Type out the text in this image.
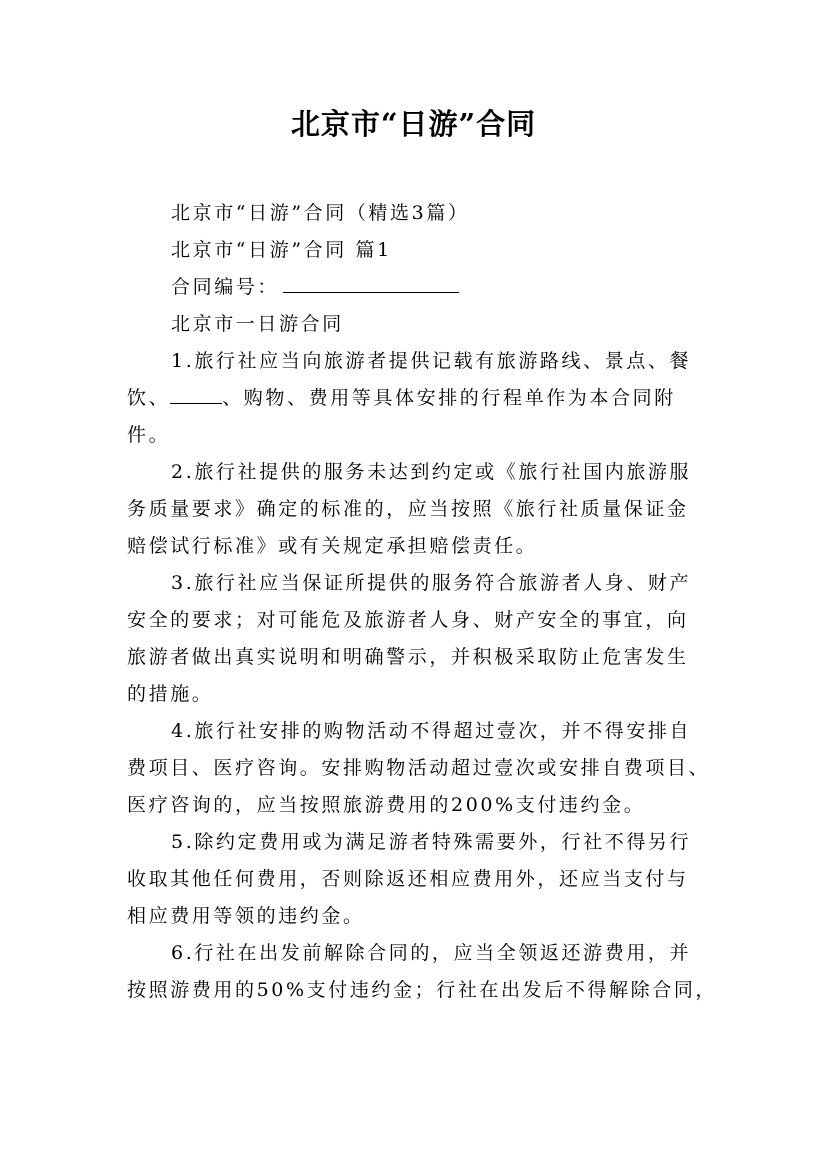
北京市“日游”合同
北京市“日游”合同（精选3篇）
北京市“日游”合同 篇1
合同编号：
北京市一日游合同
1.旅行社应当向旅游者提供记载有旅游路线、景点、餐
饮、	、购物、费用等具体安排的行程单作为本合同附
件。
2.旅行社提供的服务未达到约定或《旅行社国内旅游服
务质量要求》确定的标准的，应当按照《旅行社质量保证金
赔偿试行标准》或有关规定承担赔偿责任。
3.旅行社应当保证所提供的服务符合旅游者人身、财产
安全的要求；对可能危及旅游者人身、财产安全的事宜，向
旅游者做出真实说明和明确警示，并积极采取防止危害发生
的措施。
4.旅行社安排的购物活动不得超过壹次，并不得安排自
费项目、医疗咨询。安排购物活动超过壹次或安排自费项目、
医疗咨询的，应当按照旅游费用的200%支付违约金。
5.除约定费用或为满足游者特殊需要外，行社不得另行
收取其他任何费用，否则除返还相应费用外，还应当支付与
相应费用等领的违约金。
6.行社在出发前解除合同的，应当全领返还游费用，并
按照游费用的50%支付违约金；行社在出发后不得解除合同，
